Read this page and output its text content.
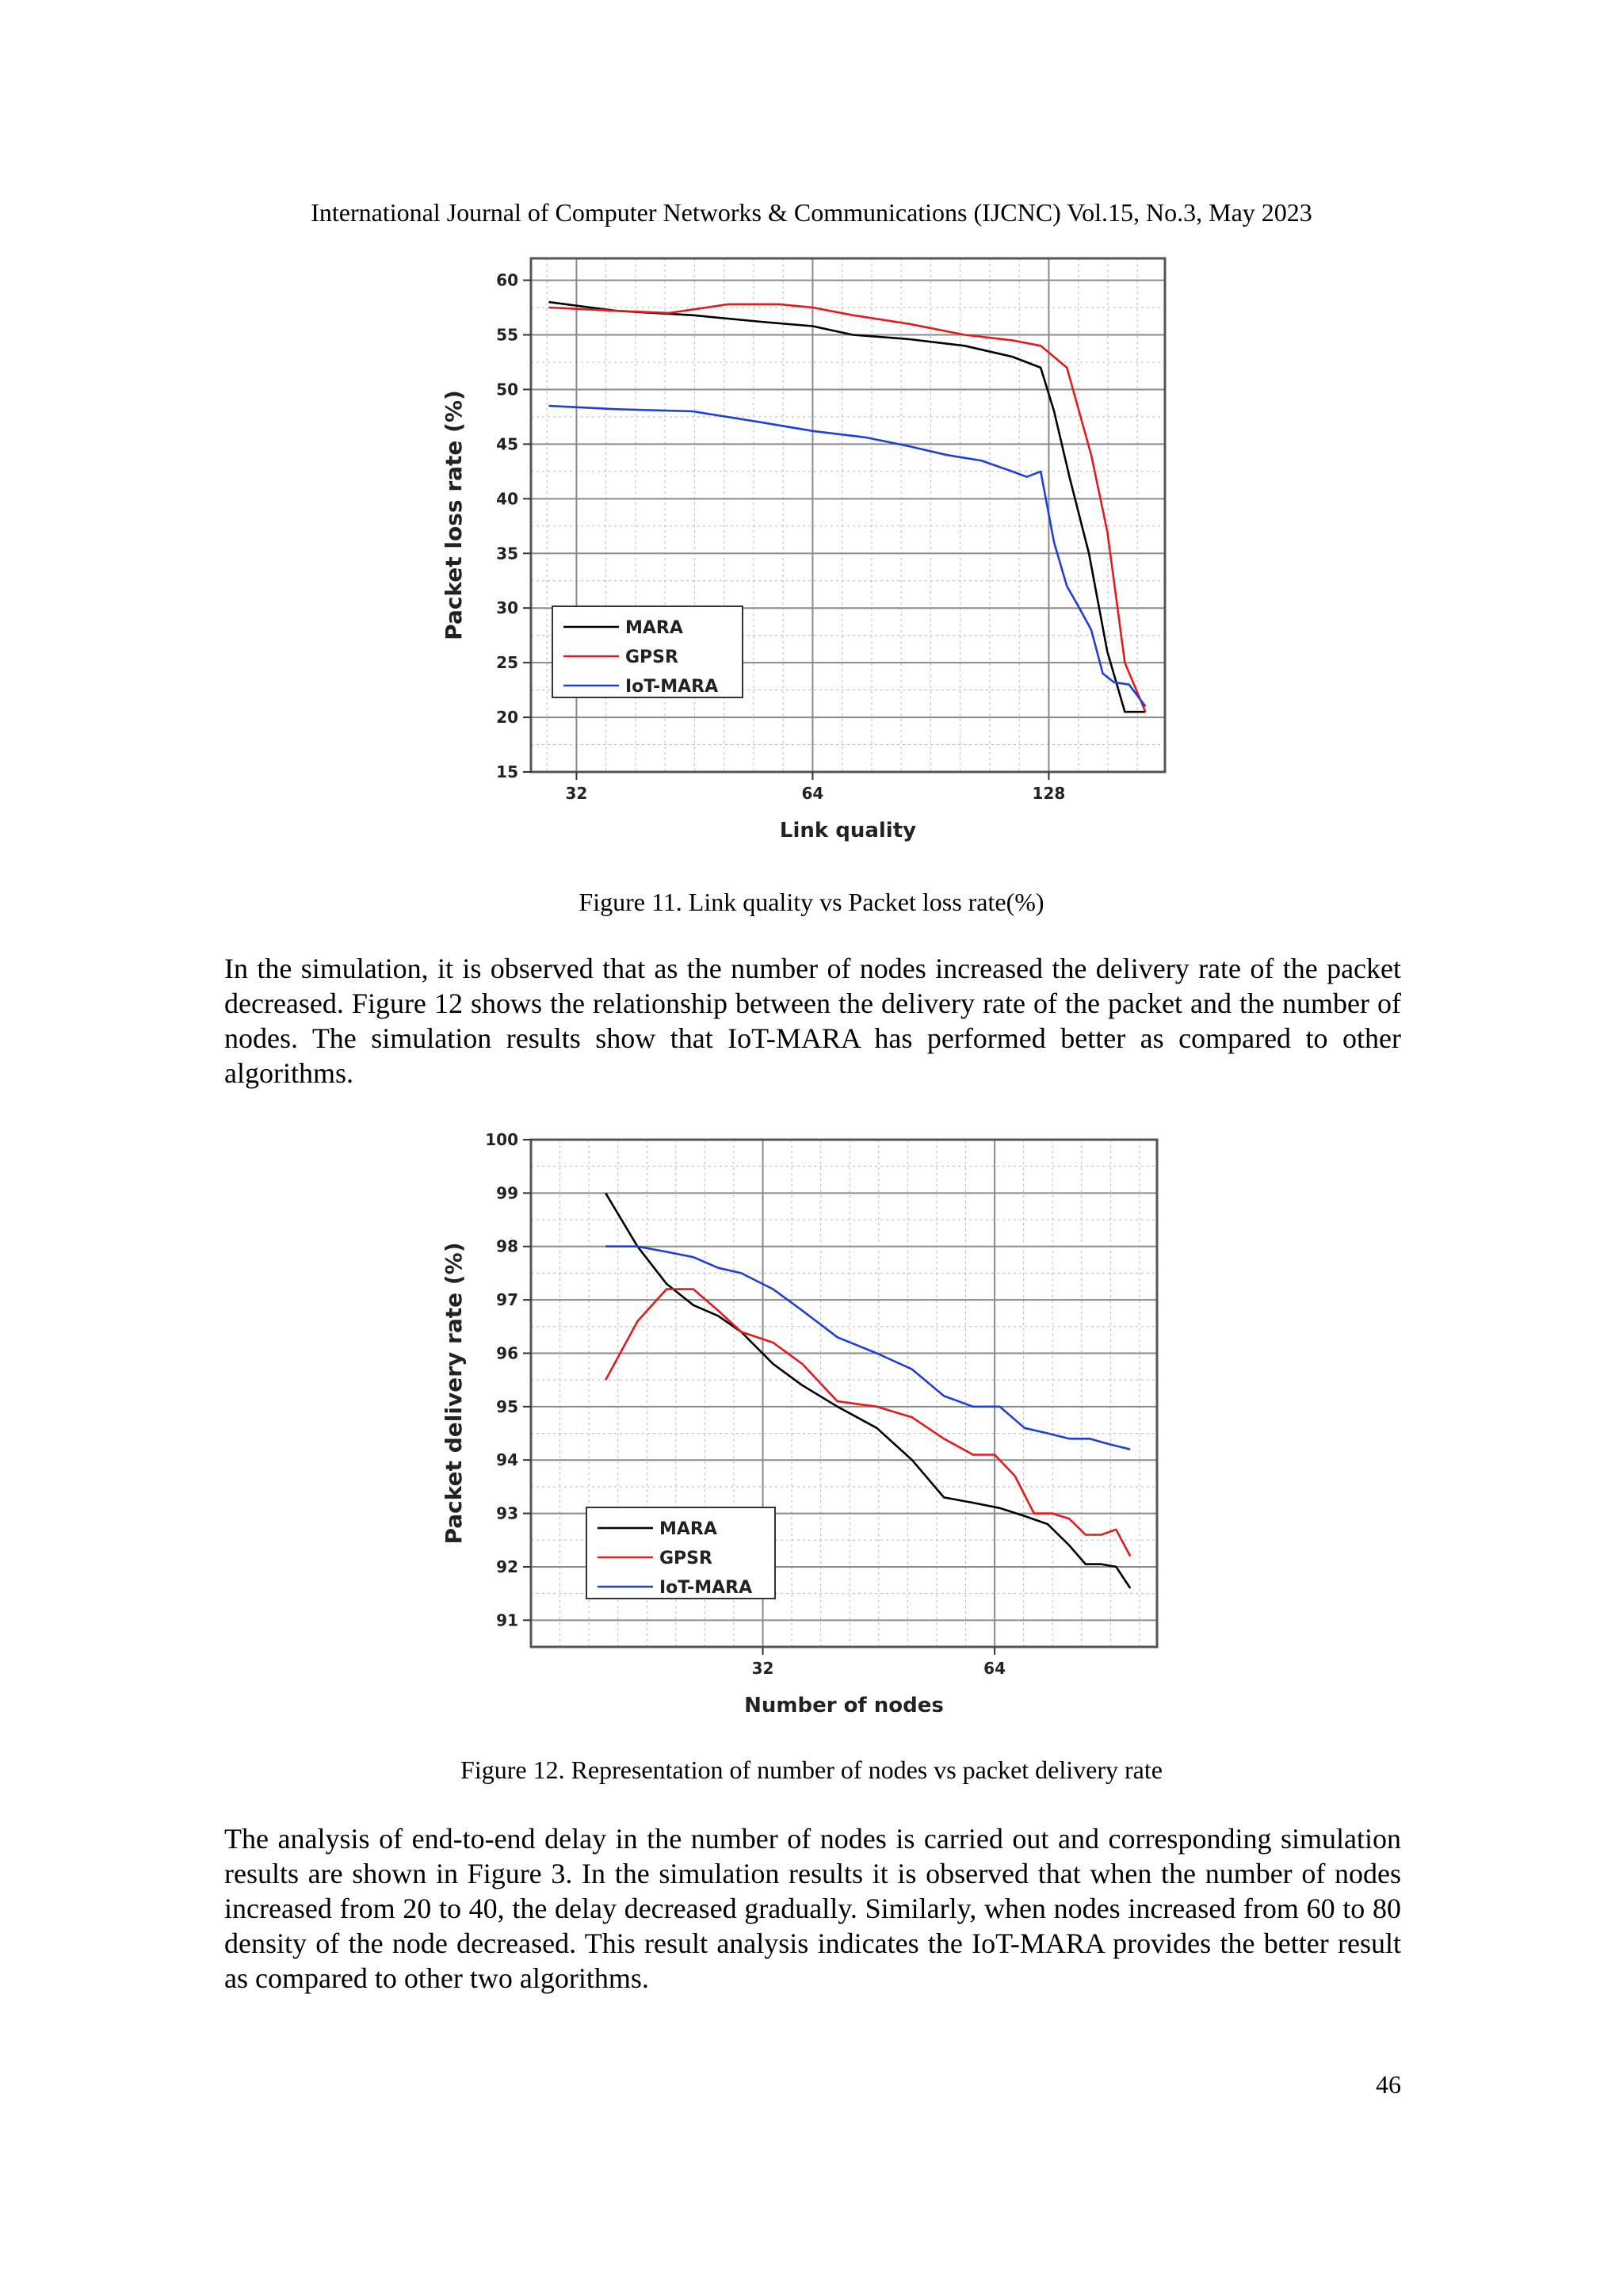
International Journal of Computer Networks & Communications (IJCNC) Vol.15, No.3, May 2023
15
20
25
30
35
40
45
50
55
60
32	64	128
Link quality
Packet loss rate (%)	MARA
GPSR
IoT-MARA
Figure 11. Link quality vs Packet loss rate(%)

In the simulation, it is observed that as the number of nodes increased the delivery rate of the packet decreased. Figure 12 shows the relationship between the delivery rate of the packet and the number of nodes. The simulation results show that IoT-MARA has performed better as compared to other algorithms.

91
92
93
94
95
96
97
98
99
100
32	64
Number of nodes
Packet delivery rate (%)	MARA
GPSR
IoT-MARA
Figure 12. Representation of number of nodes vs packet delivery rate

The analysis of end-to-end delay in the number of nodes is carried out and corresponding simulation results are shown in Figure 3. In the simulation results it is observed that when the number of nodes increased from 20 to 40, the delay decreased gradually. Similarly, when nodes increased from 60 to 80 density of the node decreased. This result analysis indicates the IoT-MARA provides the better result as compared to other two algorithms.

46
